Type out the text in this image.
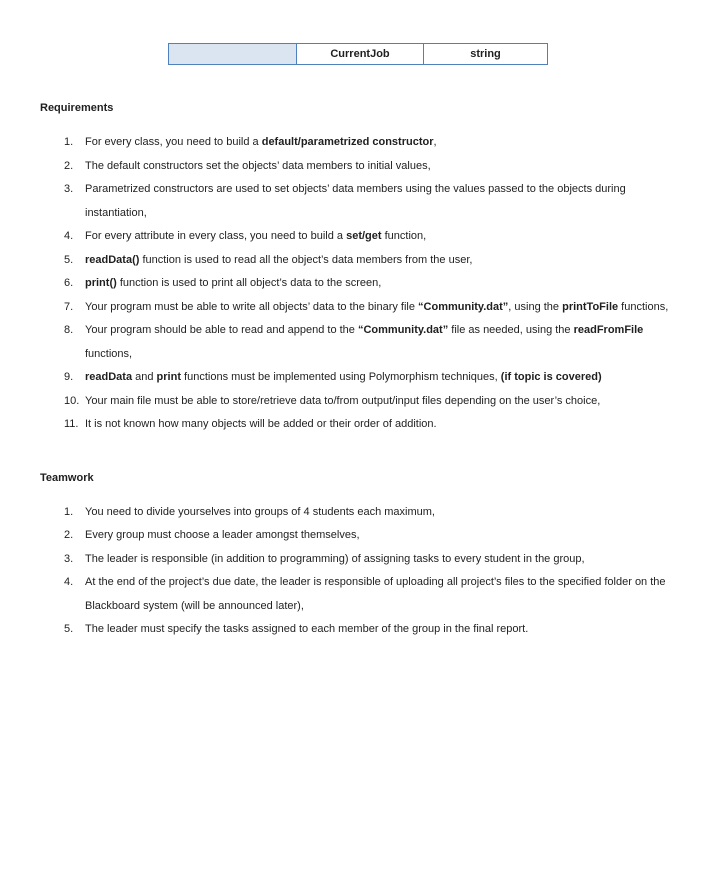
	CurrentJob	string
Requirements
1. For every class, you need to build a default/parametrized constructor,
2. The default constructors set the objects’ data members to initial values,
3. Parametrized constructors are used to set objects’ data members using the values passed to the objects during instantiation,
4. For every attribute in every class, you need to build a set/get function,
5. readData() function is used to read all the object’s data members from the user,
6. print() function is used to print all object’s data to the screen,
7. Your program must be able to write all objects’ data to the binary file “Community.dat”, using the printToFile functions,
8. Your program should be able to read and append to the “Community.dat” file as needed, using the readFromFile functions,
9. readData and print functions must be implemented using Polymorphism techniques, (if topic is covered)
10. Your main file must be able to store/retrieve data to/from output/input files depending on the user’s choice,
11. It is not known how many objects will be added or their order of addition.
Teamwork
1. You need to divide yourselves into groups of 4 students each maximum,
2. Every group must choose a leader amongst themselves,
3. The leader is responsible (in addition to programming) of assigning tasks to every student in the group,
4. At the end of the project’s due date, the leader is responsible of uploading all project’s files to the specified folder on the Blackboard system (will be announced later),
5. The leader must specify the tasks assigned to each member of the group in the final report.
